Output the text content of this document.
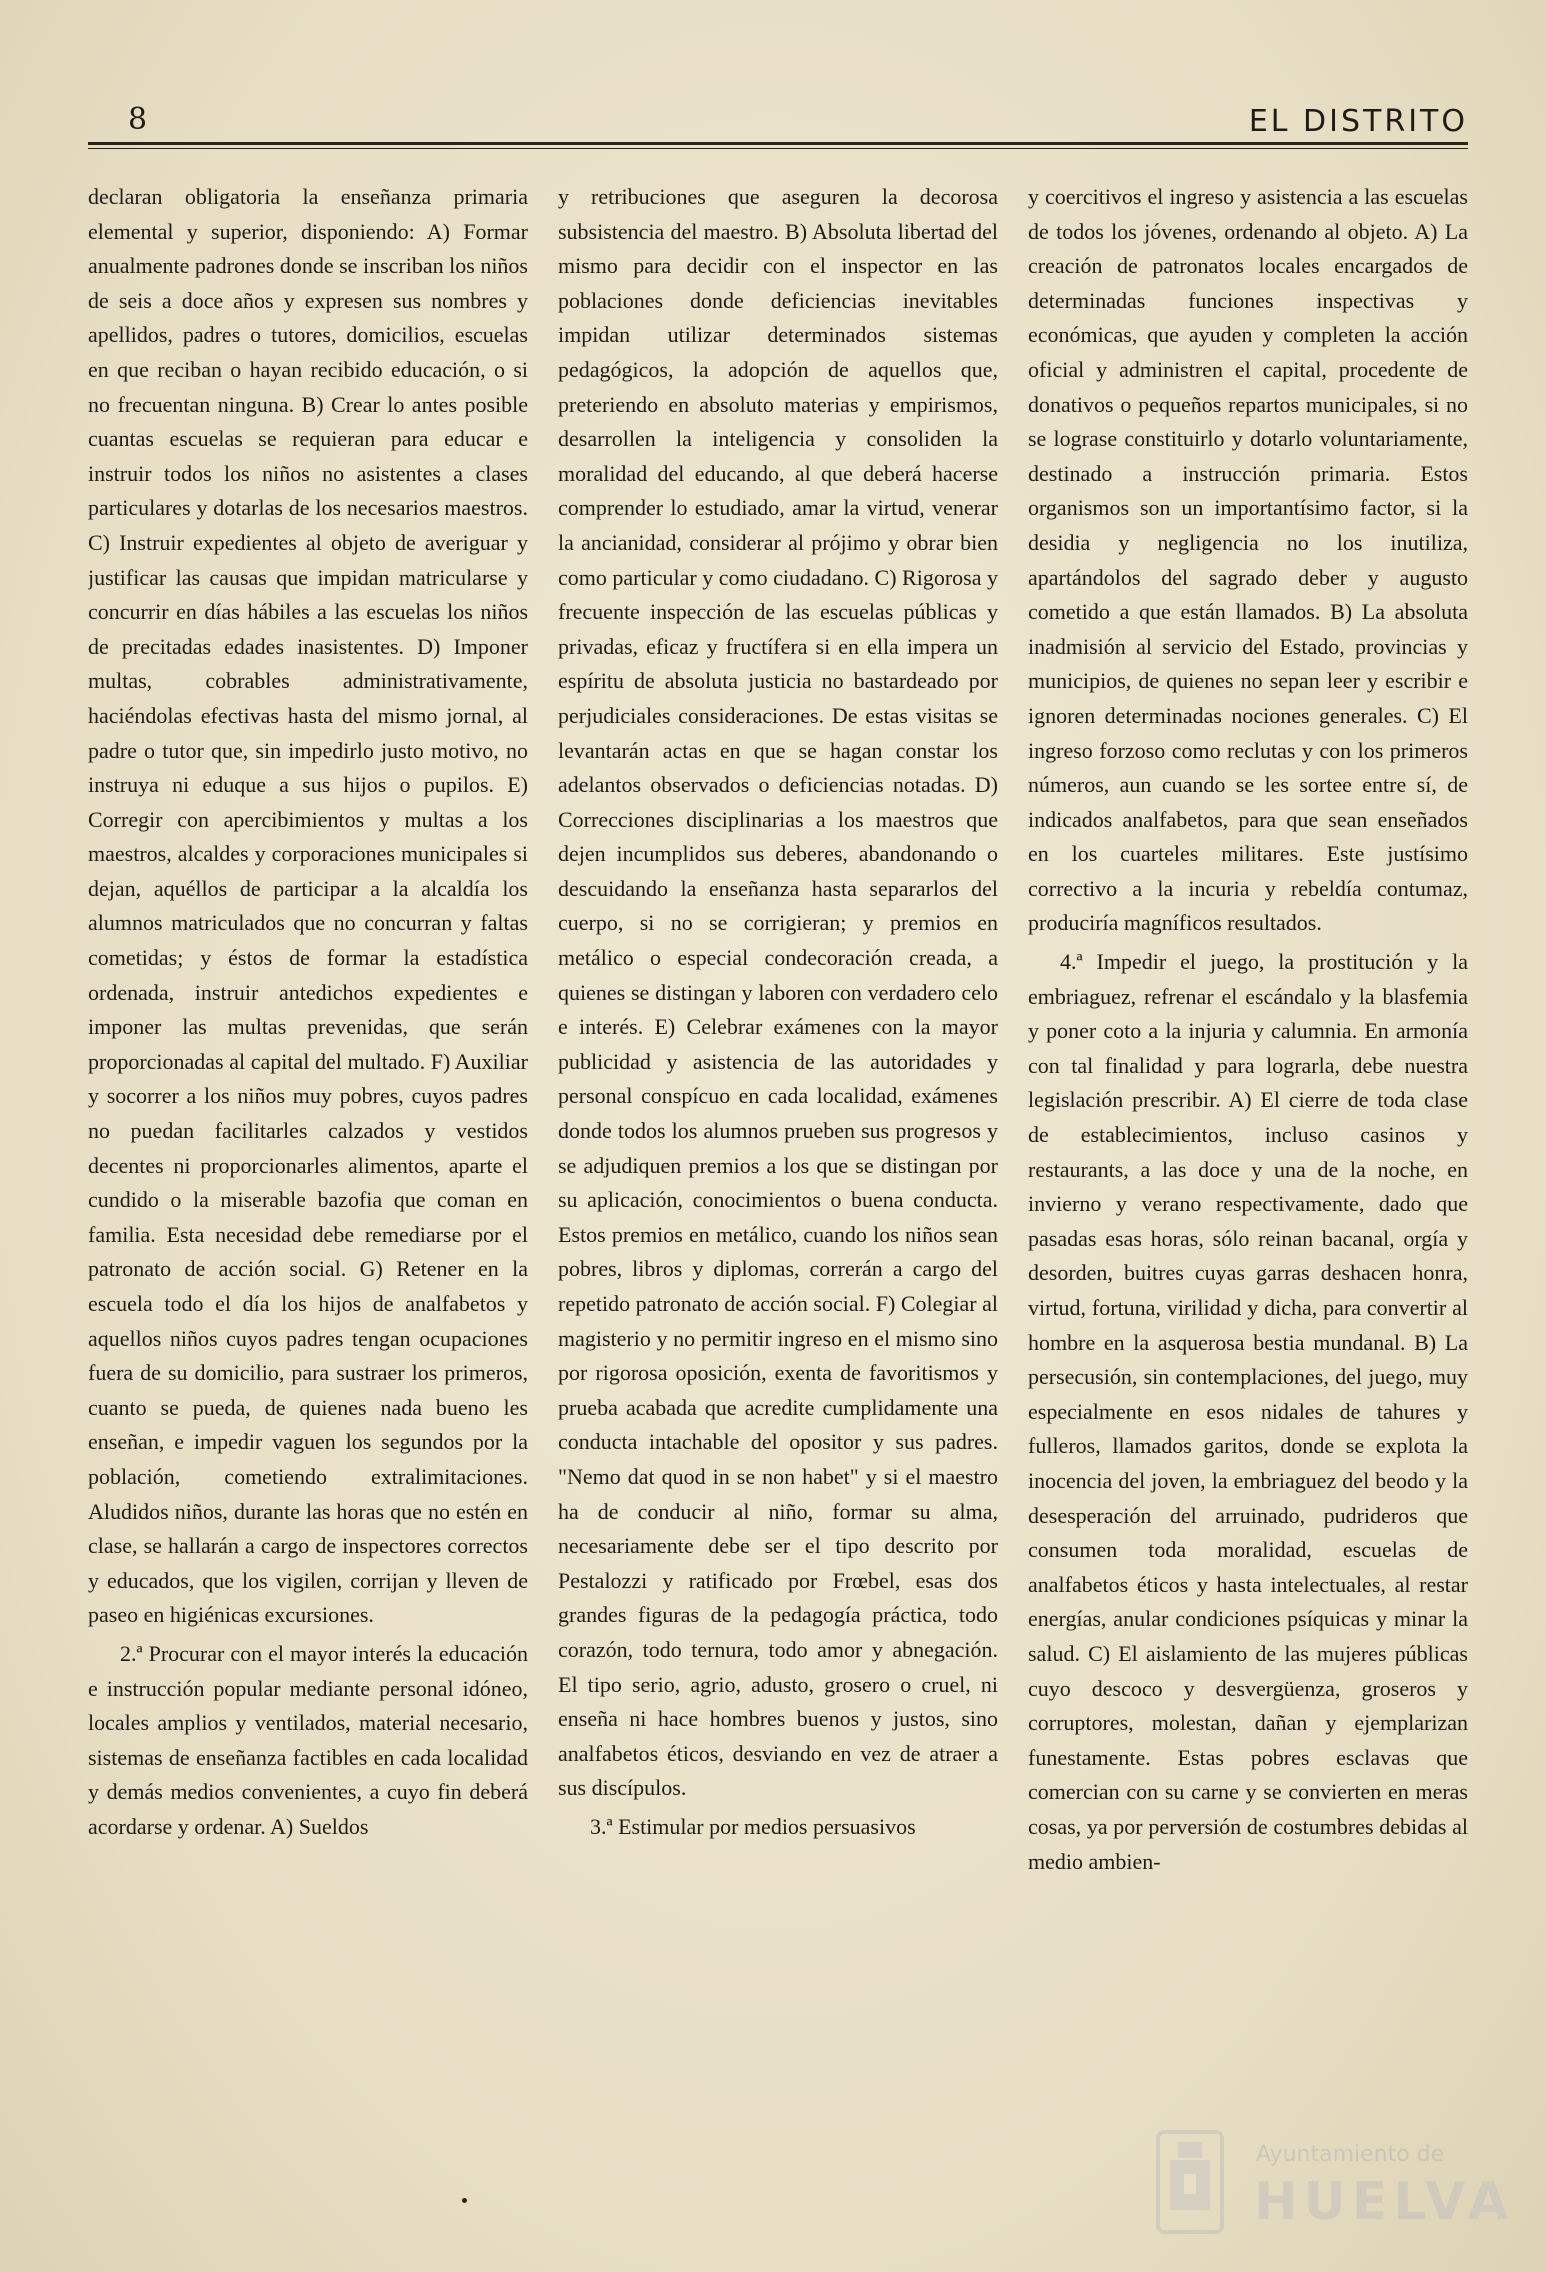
8	EL DISTRITO

declaran obligatoria la enseñanza primaria elemental y superior, disponiendo: A) Formar anualmente padrones donde se inscriban los niños de seis a doce años y expresen sus nombres y apellidos, padres o tutores, domicilios, escuelas en que reciban o hayan recibido educación, o si no frecuentan ninguna. B) Crear lo antes posible cuantas escuelas se requieran para educar e instruir todos los niños no asistentes a clases particulares y dotarlas de los necesarios maestros. C) Instruir expedientes al objeto de averiguar y justificar las causas que impidan matricularse y concurrir en días hábiles a las escuelas los niños de precitadas edades inasistentes. D) Imponer multas, cobrables administrativamente, haciéndolas efectivas hasta del mismo jornal, al padre o tutor que, sin impedirlo justo motivo, no instruya ni eduque a sus hijos o pupilos. E) Corregir con apercibimientos y multas a los maestros, alcaldes y corporaciones municipales si dejan, aquéllos de participar a la alcaldía los alumnos matriculados que no concurran y faltas cometidas; y éstos de formar la estadística ordenada, instruir antedichos expedientes e imponer las multas prevenidas, que serán proporcionadas al capital del multado. F) Auxiliar y socorrer a los niños muy pobres, cuyos padres no puedan facilitarles calzados y vestidos decentes ni proporcionarles alimentos, aparte el cundido o la miserable bazofia que coman en familia. Esta necesidad debe remediarse por el patronato de acción social. G) Retener en la escuela todo el día los hijos de analfabetos y aquellos niños cuyos padres tengan ocupaciones fuera de su domicilio, para sustraer los primeros, cuanto se pueda, de quienes nada bueno les enseñan, e impedir vaguen los segundos por la población, cometiendo extralimitaciones. Aludidos niños, durante las horas que no estén en clase, se hallarán a cargo de inspectores correctos y educados, que los vigilen, corrijan y lleven de paseo en higiénicas excursiones.

2.ª Procurar con el mayor interés la educación e instrucción popular mediante personal idóneo, locales amplios y ventilados, material necesario, sistemas de enseñanza factibles en cada localidad y demás medios convenientes, a cuyo fin deberá acordarse y ordenar. A) Sueldos

y retribuciones que aseguren la decorosa subsistencia del maestro. B) Absoluta libertad del mismo para decidir con el inspector en las poblaciones donde deficiencias inevitables impidan utilizar determinados sistemas pedagógicos, la adopción de aquellos que, preteriendo en absoluto materias y empirismos, desarrollen la inteligencia y consoliden la moralidad del educando, al que deberá hacerse comprender lo estudiado, amar la virtud, venerar la ancianidad, considerar al prójimo y obrar bien como particular y como ciudadano. C) Rigorosa y frecuente inspección de las escuelas públicas y privadas, eficaz y fructífera si en ella impera un espíritu de absoluta justicia no bastardeado por perjudiciales consideraciones. De estas visitas se levantarán actas en que se hagan constar los adelantos observados o deficiencias notadas. D) Correcciones disciplinarias a los maestros que dejen incumplidos sus deberes, abandonando o descuidando la enseñanza hasta separarlos del cuerpo, si no se corrigieran; y premios en metálico o especial condecoración creada, a quienes se distingan y laboren con verdadero celo e interés. E) Celebrar exámenes con la mayor publicidad y asistencia de las autoridades y personal conspícuo en cada localidad, exámenes donde todos los alumnos prueben sus progresos y se adjudiquen premios a los que se distingan por su aplicación, conocimientos o buena conducta. Estos premios en metálico, cuando los niños sean pobres, libros y diplomas, correrán a cargo del repetido patronato de acción social. F) Colegiar al magisterio y no permitir ingreso en el mismo sino por rigorosa oposición, exenta de favoritismos y prueba acabada que acredite cumplidamente una conducta intachable del opositor y sus padres. "Nemo dat quod in se non habet" y si el maestro ha de conducir al niño, formar su alma, necesariamente debe ser el tipo descrito por Pestalozzi y ratificado por Frœbel, esas dos grandes figuras de la pedagogía práctica, todo corazón, todo ternura, todo amor y abnegación. El tipo serio, agrio, adusto, grosero o cruel, ni enseña ni hace hombres buenos y justos, sino analfabetos éticos, desviando en vez de atraer a sus discípulos.

3.ª Estimular por medios persuasivos

y coercitivos el ingreso y asistencia a las escuelas de todos los jóvenes, ordenando al objeto. A) La creación de patronatos locales encargados de determinadas funciones inspectivas y económicas, que ayuden y completen la acción oficial y administren el capital, procedente de donativos o pequeños repartos municipales, si no se lograse constituirlo y dotarlo voluntariamente, destinado a instrucción primaria. Estos organismos son un importantísimo factor, si la desidia y negligencia no los inutiliza, apartándolos del sagrado deber y augusto cometido a que están llamados. B) La absoluta inadmisión al servicio del Estado, provincias y municipios, de quienes no sepan leer y escribir e ignoren determinadas nociones generales. C) El ingreso forzoso como reclutas y con los primeros números, aun cuando se les sortee entre sí, de indicados analfabetos, para que sean enseñados en los cuarteles militares. Este justísimo correctivo a la incuria y rebeldía contumaz, produciría magníficos resultados.

4.ª Impedir el juego, la prostitución y la embriaguez, refrenar el escándalo y la blasfemia y poner coto a la injuria y calumnia. En armonía con tal finalidad y para lograrla, debe nuestra legislación prescribir. A) El cierre de toda clase de establecimientos, incluso casinos y restaurants, a las doce y una de la noche, en invierno y verano respectivamente, dado que pasadas esas horas, sólo reinan bacanal, orgía y desorden, buitres cuyas garras deshacen honra, virtud, fortuna, virilidad y dicha, para convertir al hombre en la asquerosa bestia mundanal. B) La persecusión, sin contemplaciones, del juego, muy especialmente en esos nidales de tahures y fulleros, llamados garitos, donde se explota la inocencia del joven, la embriaguez del beodo y la desesperación del arruinado, pudrideros que consumen toda moralidad, escuelas de analfabetos éticos y hasta intelectuales, al restar energías, anular condiciones psíquicas y minar la salud. C) El aislamiento de las mujeres públicas cuyo descoco y desvergüenza, groseros y corruptores, molestan, dañan y ejemplarizan funestamente. Estas pobres esclavas que comercian con su carne y se convierten en meras cosas, ya por perversión de costumbres debidas al medio ambien-

Ayuntamiento de
HUELVA
